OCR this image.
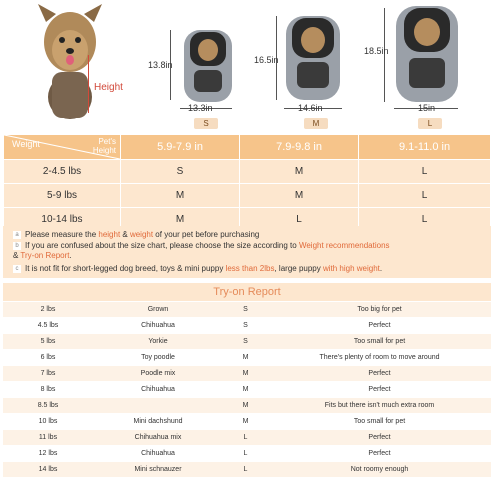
Height
13.8in
13.3in
S
16.5in
14.6in
M
18.5in
15in
L
Weight Pet's
Height	5.9-7.9 in	7.9-9.8 in	9.1-11.0 in
2-4.5 lbs	S	M	L
5-9 lbs	M	M	L
10-14 lbs	M	L	L
a Please measure the height & weight of your pet before purchasing
b If you are confused about the size chart, please choose the size according to Weight recommendations
& Try-on Report.
c It is not fit for short-legged dog breed, toys & mini puppy less than 2lbs, large puppy with high weight.
Try-on Report
2 lbs	Grown	S	Too big for pet
4.5 lbs	Chihuahua	S	Perfect
5 lbs	Yorkie	S	Too small for pet
6 lbs	Toy poodle	M	There's plenty of room to move around
7 lbs	Poodle mix	M	Perfect
8 lbs	Chihuahua	M	Perfect
8.5 lbs		M	Fits but there isn't much extra room
10 lbs	Mini dachshund	M	Too small for pet
11 lbs	Chihuahua mix	L	Perfect
12 lbs	Chihuahua	L	Perfect
14 lbs	Mini schnauzer	L	Not roomy enough
